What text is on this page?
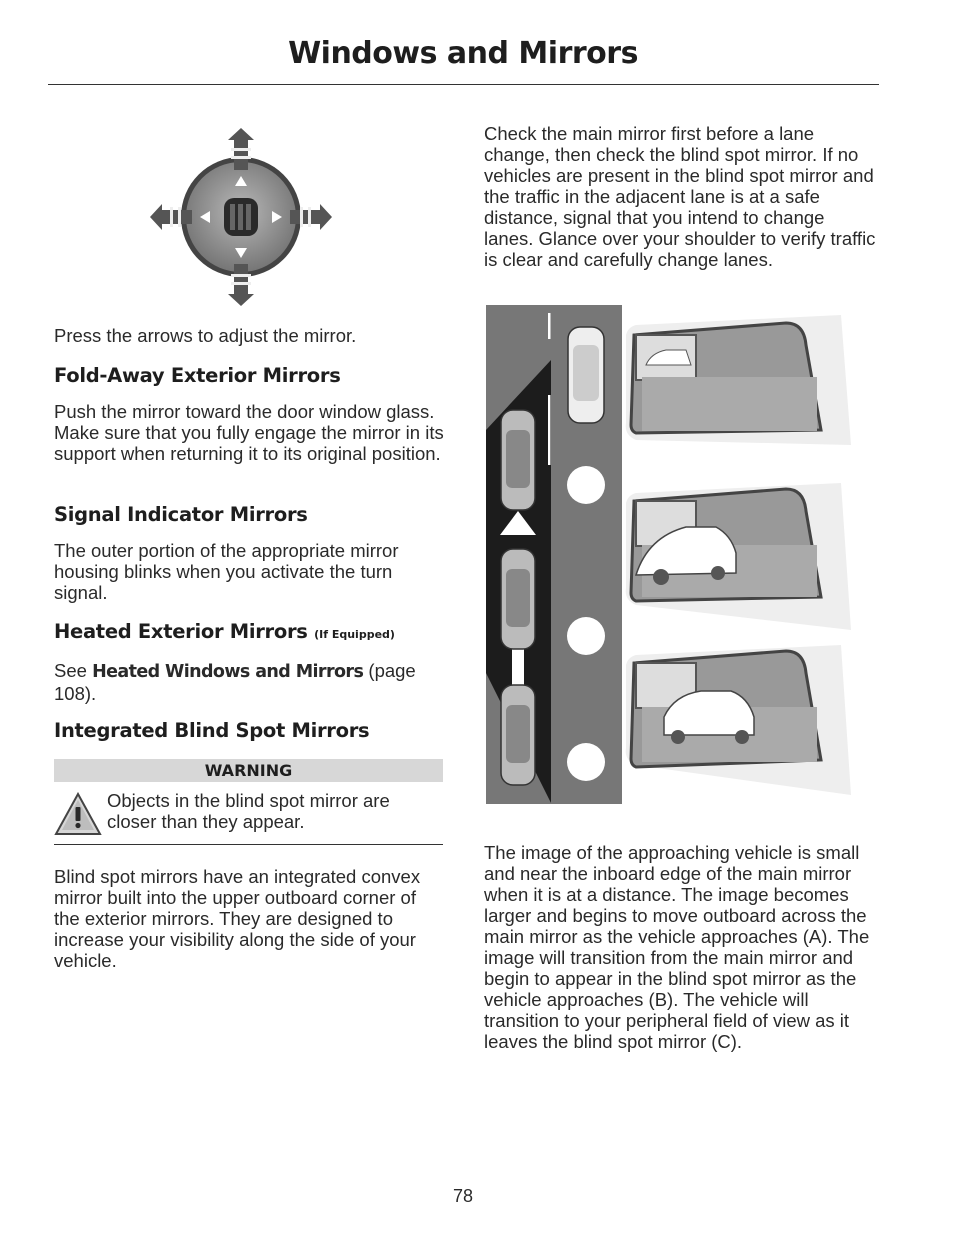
Windows and Mirrors

Press the arrows to adjust the mirror.

Fold-Away Exterior Mirrors

Push the mirror toward the door window glass. Make sure that you fully engage the mirror in its support when returning it to its original position.

Signal Indicator Mirrors

The outer portion of the appropriate mirror housing blinks when you activate the turn signal.

Heated Exterior Mirrors (If Equipped)

See Heated Windows and Mirrors (page 108).

Integrated Blind Spot Mirrors
WARNING

Objects in the blind spot mirror are closer than they appear.

Blind spot mirrors have an integrated convex mirror built into the upper outboard corner of the exterior mirrors. They are designed to increase your visibility along the side of your vehicle.

Check the main mirror first before a lane change, then check the blind spot mirror. If no vehicles are present in the blind spot mirror and the traffic in the adjacent lane is at a safe distance, signal that you intend to change lanes. Glance over your shoulder to verify traffic is clear and carefully change lanes.

The image of the approaching vehicle is small and near the inboard edge of the main mirror when it is at a distance. The image becomes larger and begins to move outboard across the main mirror as the vehicle approaches (A). The image will transition from the main mirror and begin to appear in the blind spot mirror as the vehicle approaches (B). The vehicle will transition to your peripheral field of view as it leaves the blind spot mirror (C).

78
